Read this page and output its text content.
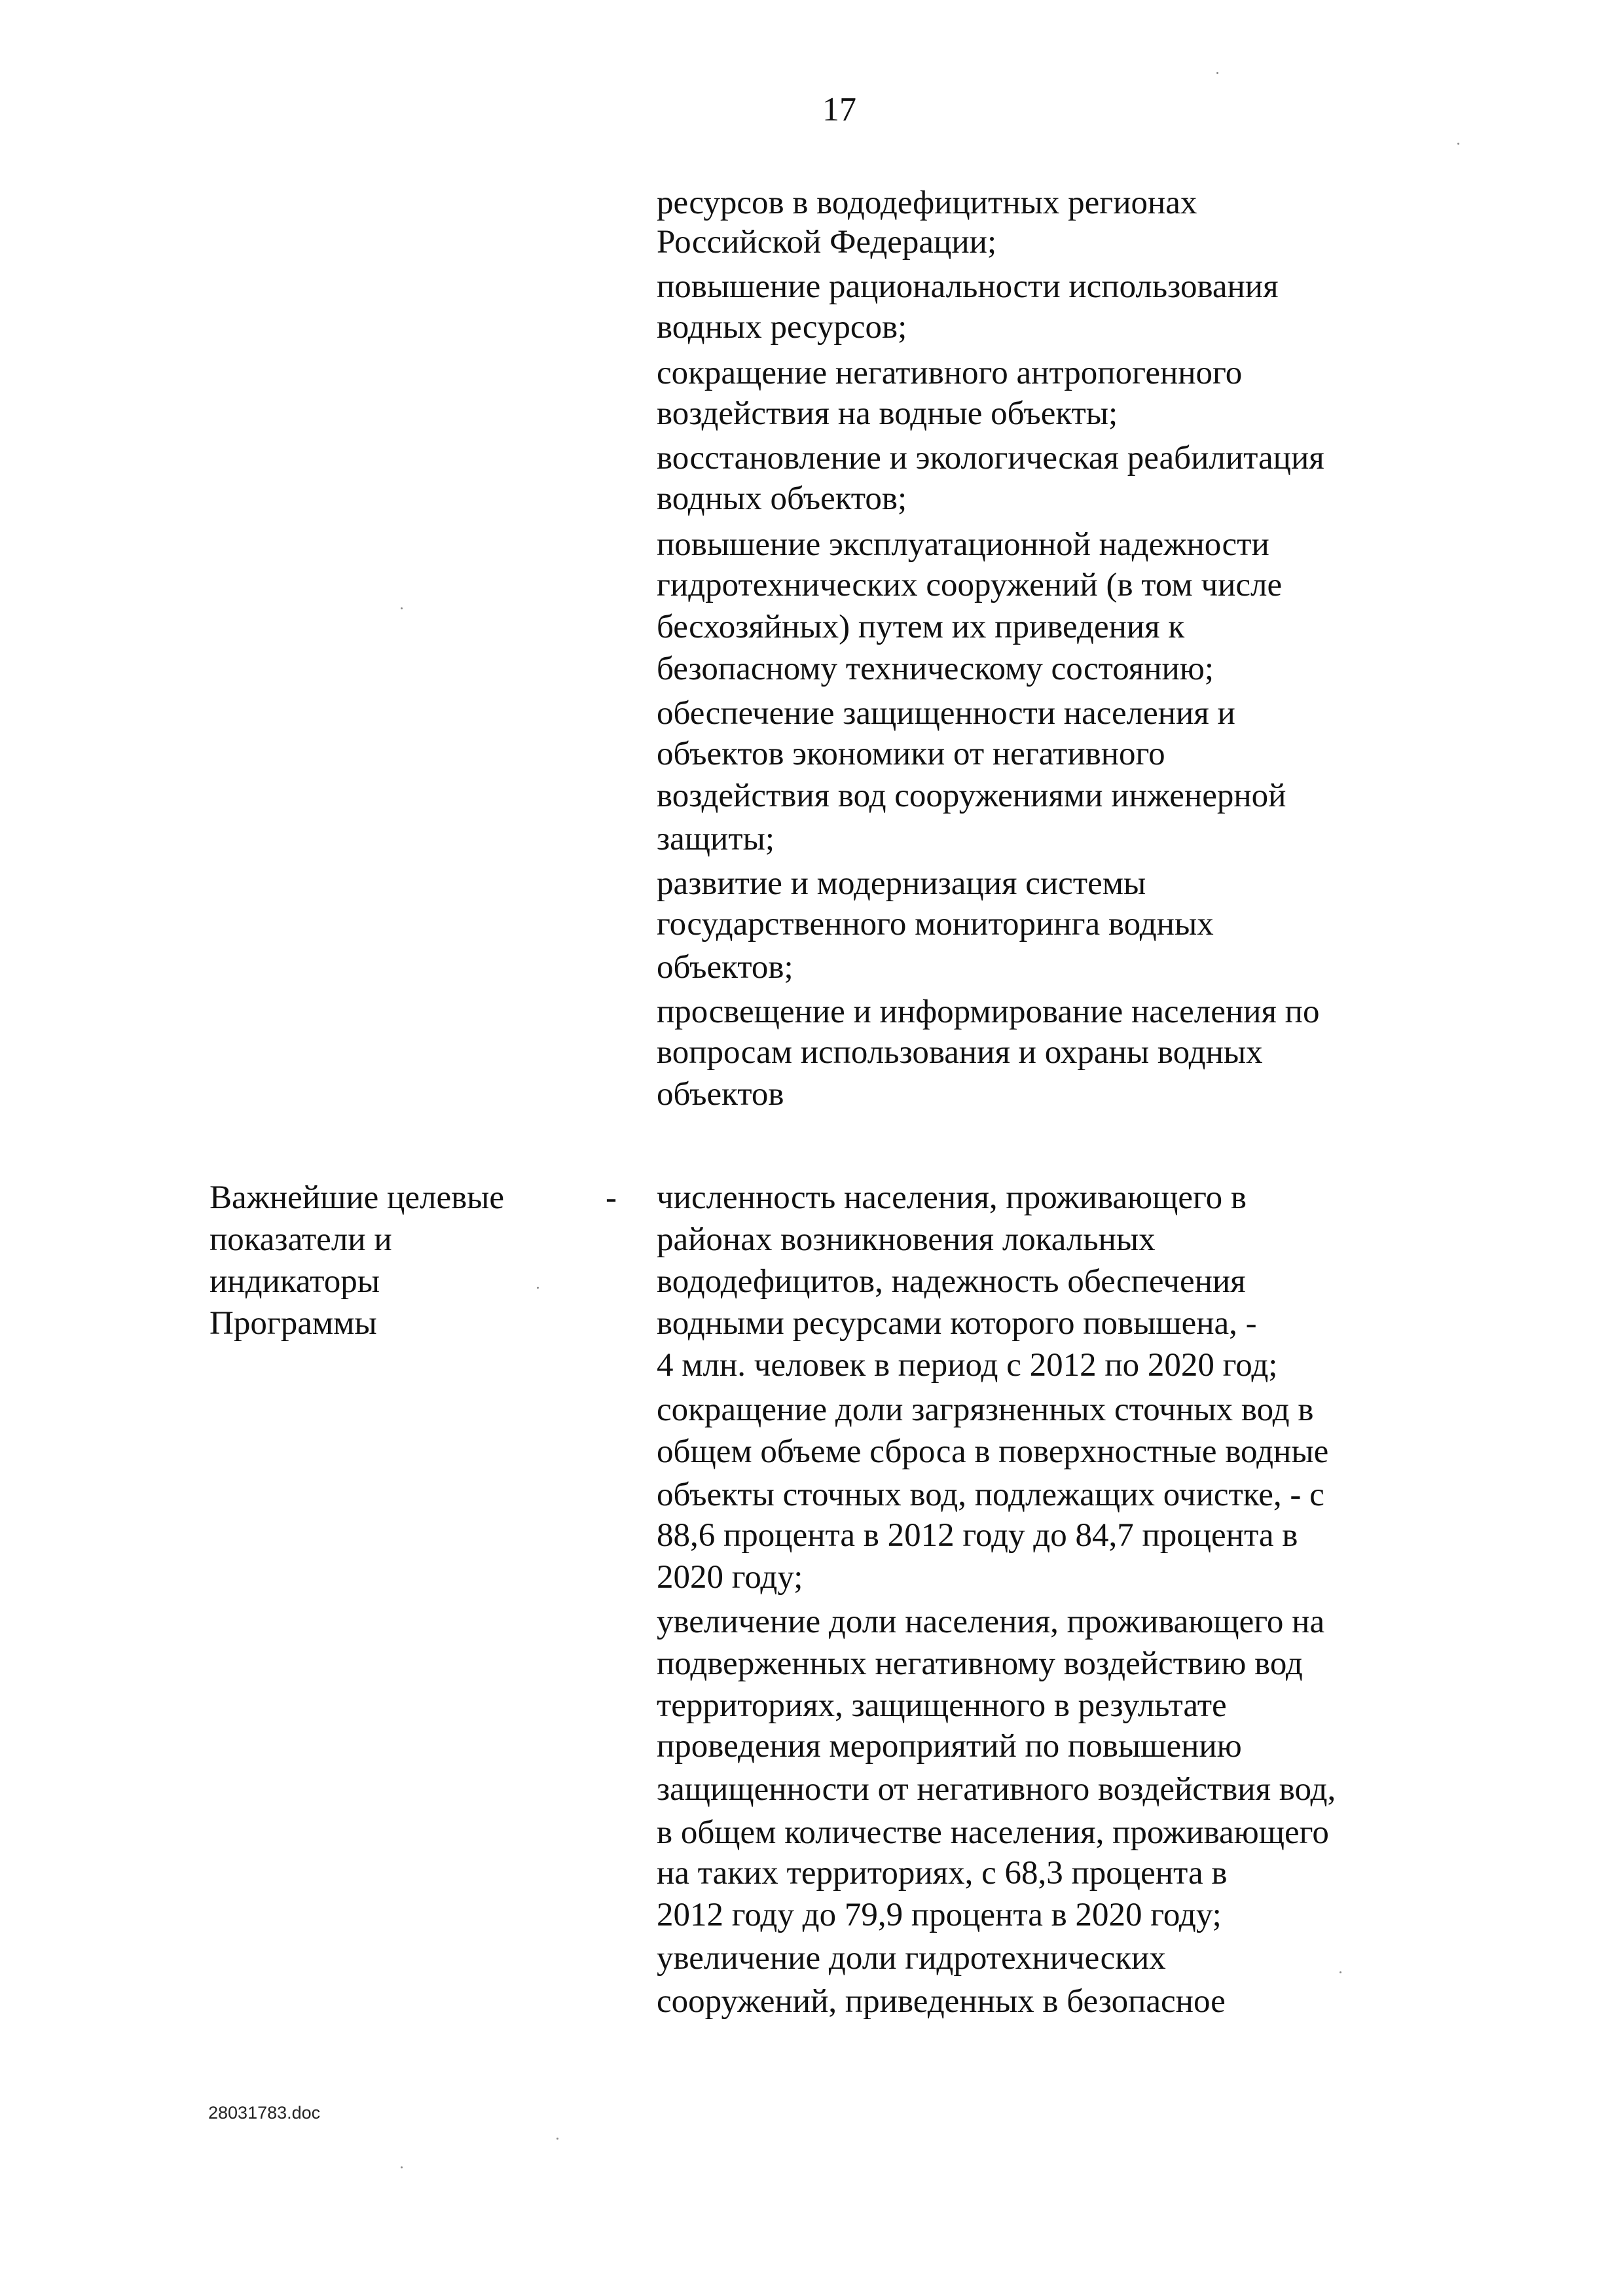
17
ресурсов в вододефицитных регионах
Российской Федерации;
повышение рациональности использования
водных ресурсов;
сокращение негативного антропогенного
воздействия на водные объекты;
восстановление и экологическая реабилитация
водных объектов;
повышение эксплуатационной надежности
гидротехнических сооружений (в том числе
бесхозяйных) путем их приведения к
безопасному техническому состоянию;
обеспечение защищенности населения и
объектов экономики от негативного
воздействия вод сооружениями инженерной
защиты;
развитие и модернизация системы
государственного мониторинга водных
объектов;
просвещение и информирование населения по
вопросам использования и охраны водных
объектов
Важнейшие целевые
показатели и
индикаторы
Программы
- численность населения, проживающего в
районах возникновения локальных
вододефицитов, надежность обеспечения
водными ресурсами которого повышена, -
4 млн. человек в период с 2012 по 2020 год;
сокращение доли загрязненных сточных вод в
общем объеме сброса в поверхностные водные
объекты сточных вод, подлежащих очистке, - с
88,6 процента в 2012 году до 84,7 процента в
2020 году;
увеличение доли населения, проживающего на
подверженных негативному воздействию вод
территориях, защищенного в результате
проведения мероприятий по повышению
защищенности от негативного воздействия вод,
в общем количестве населения, проживающего
на таких территориях, с 68,3 процента в
2012 году до 79,9 процента в 2020 году;
увеличение доли гидротехнических
сооружений, приведенных в безопасное
28031783.doc
